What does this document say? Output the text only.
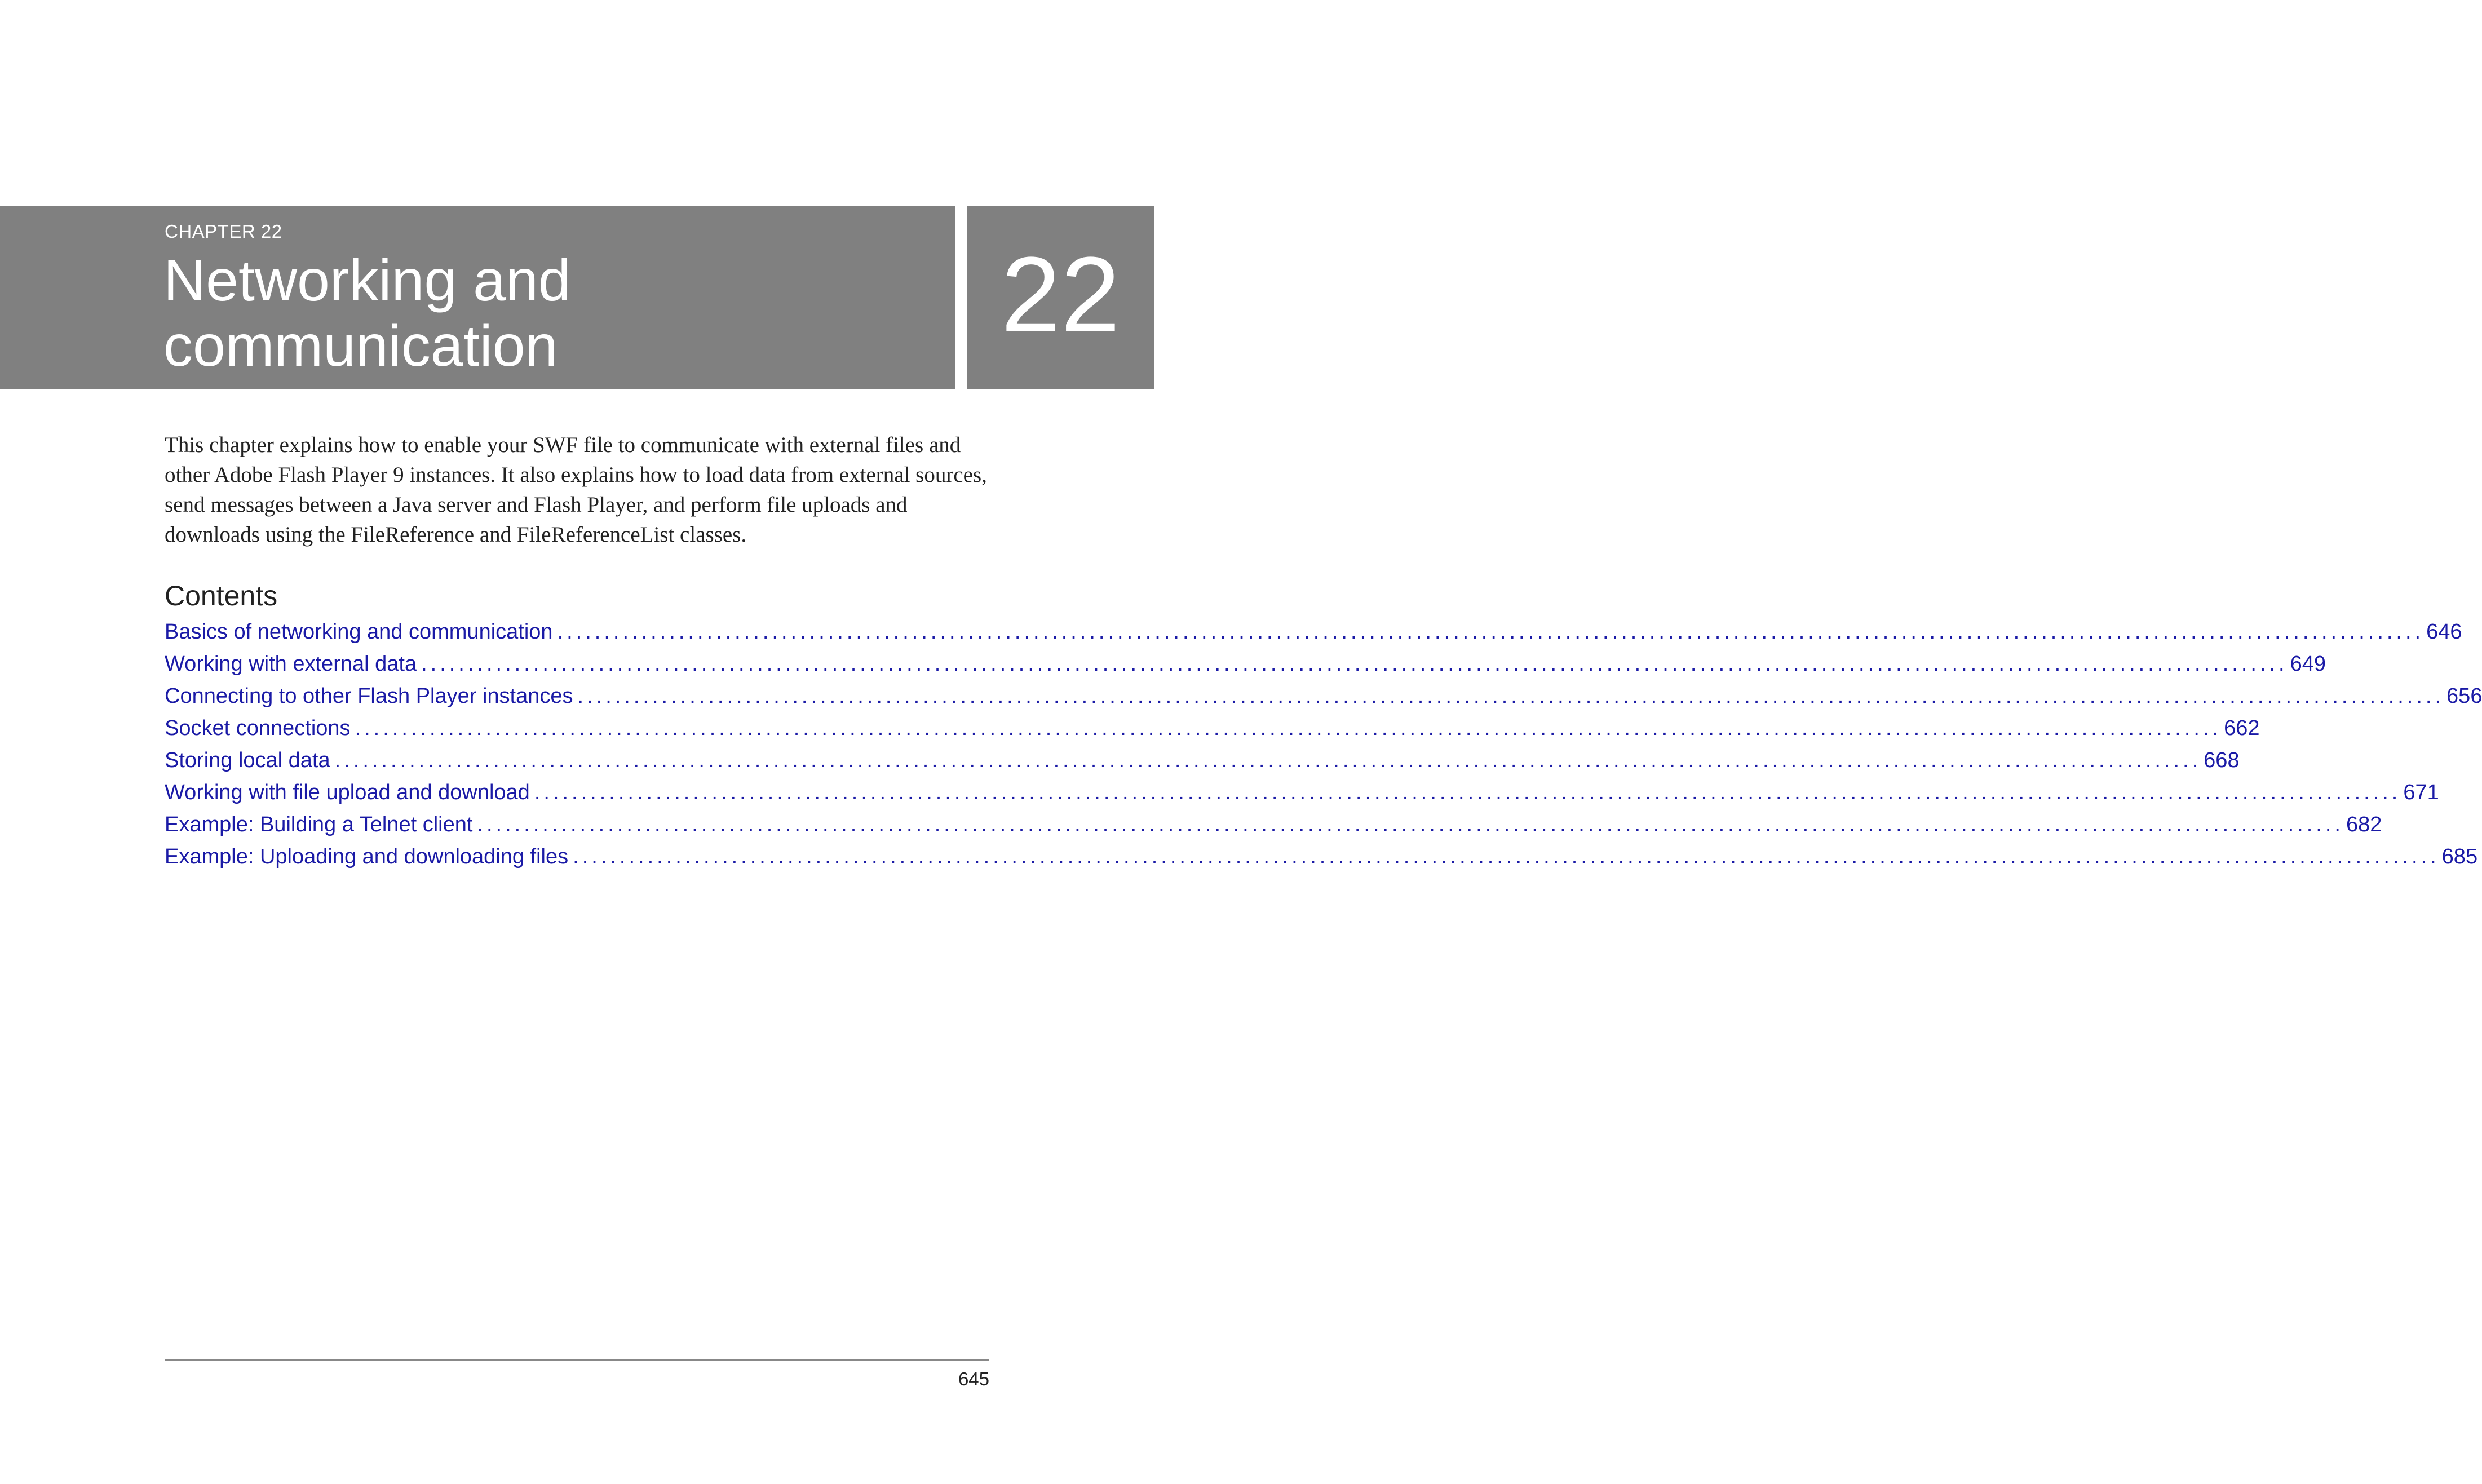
CHAPTER 22

Networking and
communication	22

This chapter explains how to enable your SWF file to communicate with external files and other Adobe Flash Player 9 instances. It also explains how to load data from external sources, send messages between a Java server and Flash Player, and perform file uploads and downloads using the FileReference and FileReferenceList classes.

Contents
Basics of networking and communication ........................................................................................................................................................................................................ 646
Working with external data ........................................................................................................................................................................................................ 649
Connecting to other Flash Player instances ........................................................................................................................................................................................................ 656
Socket connections ........................................................................................................................................................................................................ 662
Storing local data ........................................................................................................................................................................................................ 668
Working with file upload and download ........................................................................................................................................................................................................ 671
Example: Building a Telnet client ........................................................................................................................................................................................................ 682
Example: Uploading and downloading files ........................................................................................................................................................................................................ 685

645
